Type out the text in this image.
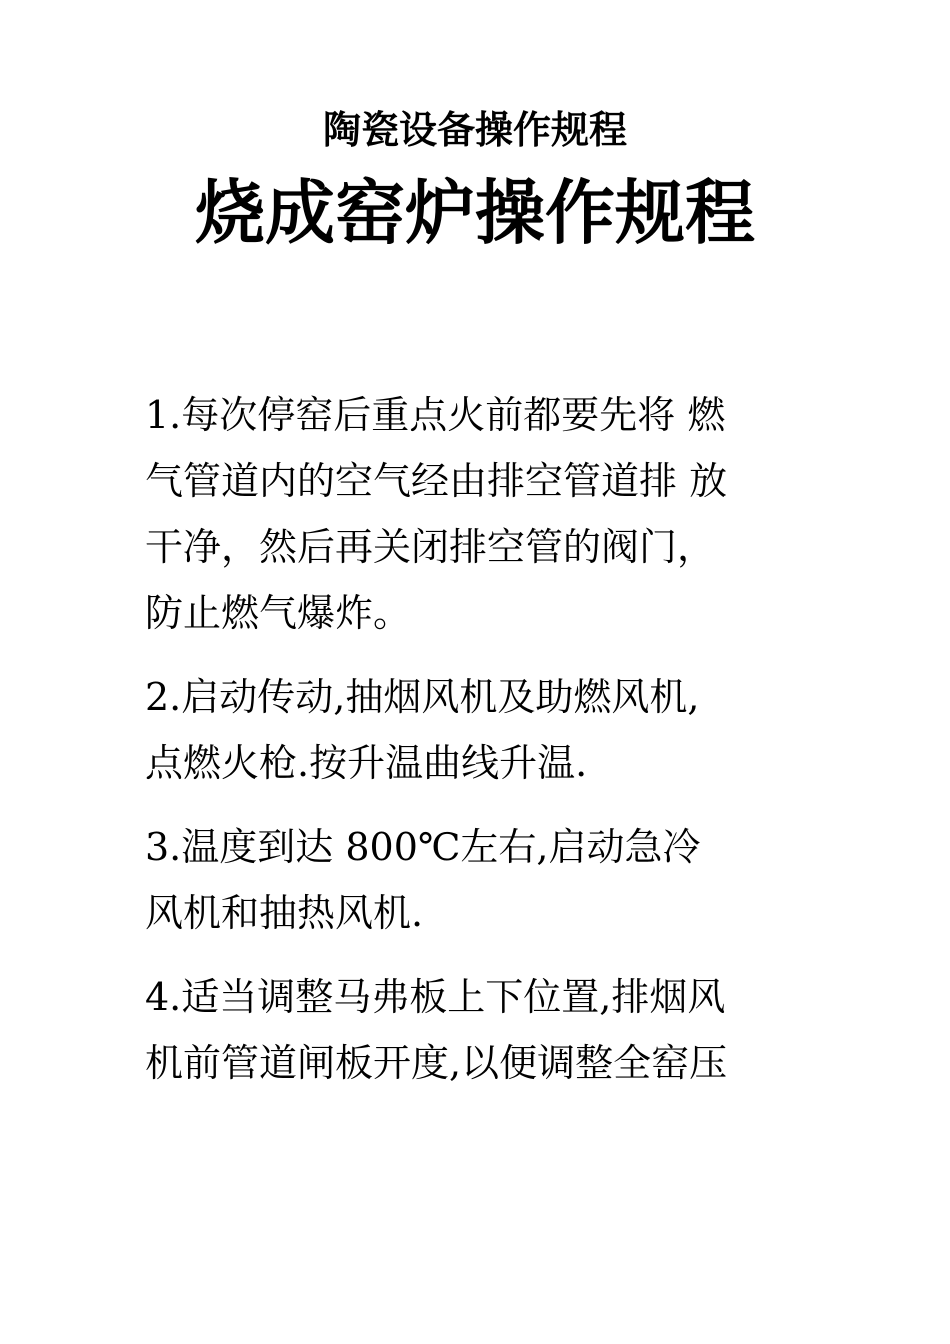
陶瓷设备操作规程
烧成窑炉操作规程
1.每次停窑后重点火前都要先将 燃
气管道内的空气经由排空管道排 放
干净，然后再关闭排空管的阀门，
防止燃气爆炸。
2.启动传动,抽烟风机及助燃风机,
点燃火枪.按升温曲线升温.
3.温度到达 800℃左右,启动急冷
风机和抽热风机.
4.适当调整马弗板上下位置,排烟风
机前管道闸板开度,以便调整全窑压
